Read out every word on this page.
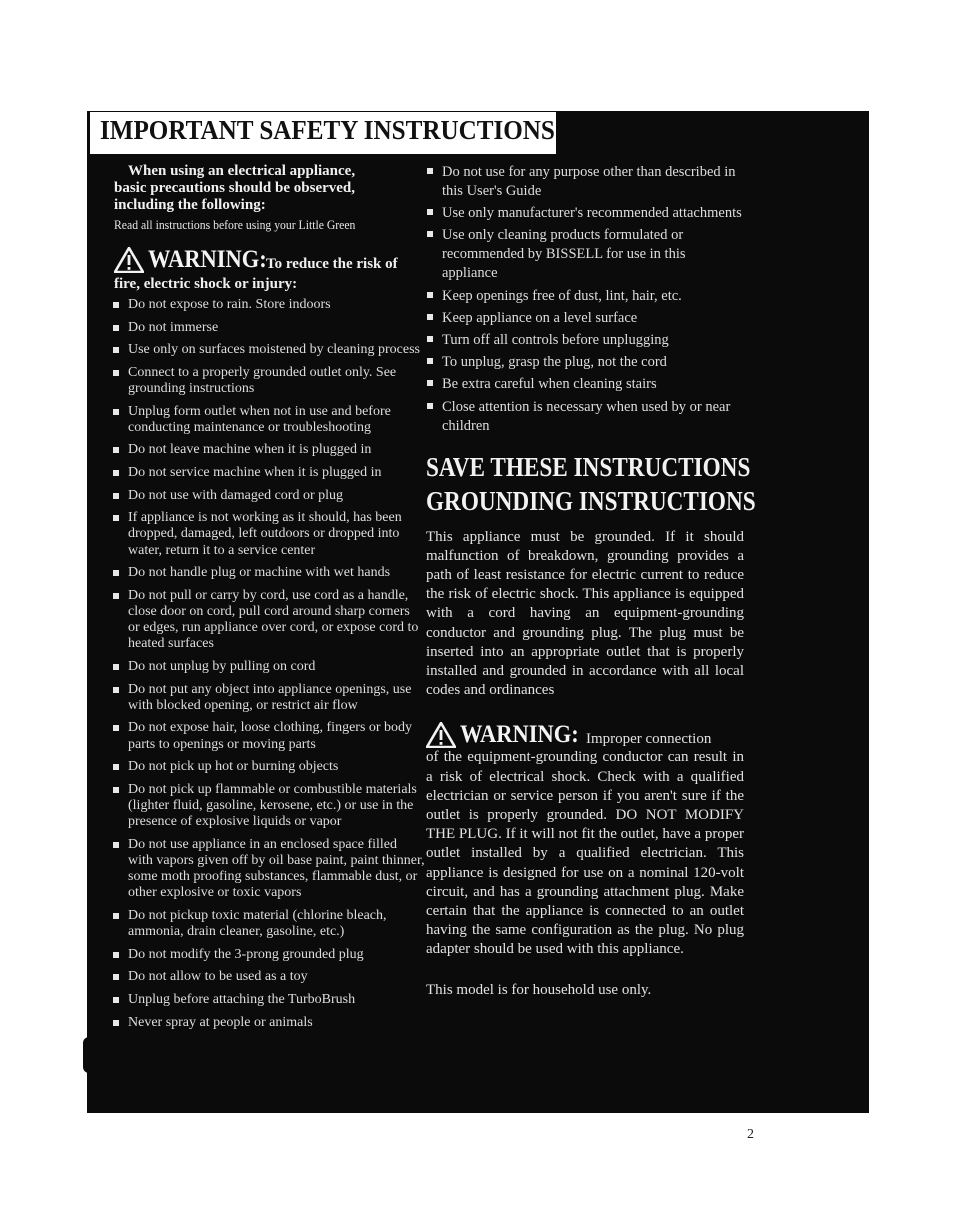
IMPORTANT SAFETY INSTRUCTIONS

When using an electrical appliance,

basic precautions should be observed,

including the following:

Read all instructions before using your Little Green

WARNING: To reduce the risk of

fire, electric shock or injury:

Do not expose to rain. Store indoors
Do not immerse
Use only on surfaces moistened by cleaning process
Connect to a properly grounded outlet only. See grounding instructions
Unplug form outlet when not in use and before conducting maintenance or troubleshooting
Do not leave machine when it is plugged in
Do not service machine when it is plugged in
Do not use with damaged cord or plug
If appliance is not working as it should, has been dropped, damaged, left outdoors or dropped into water, return it to a service center
Do not handle plug or machine with wet hands
Do not pull or carry by cord, use cord as a handle, close door on cord, pull cord around sharp corners or edges, run appliance over cord, or expose cord to heated surfaces
Do not unplug by pulling on cord
Do not put any object into appliance openings, use with blocked opening, or restrict air flow
Do not expose hair, loose clothing, fingers or body parts to openings or moving parts
Do not pick up hot or burning objects
Do not pick up flammable or combustible materials (lighter fluid, gasoline, kerosene, etc.) or use in the presence of explosive liquids or vapor
Do not use appliance in an enclosed space filled with vapors given off by oil base paint, paint thinner, some moth proofing substances, flammable dust, or other explosive or toxic vapors
Do not pickup toxic material (chlorine bleach, ammonia, drain cleaner, gasoline, etc.)
Do not modify the 3-prong grounded plug
Do not allow to be used as a toy
Unplug before attaching the TurboBrush
Never spray at people or animals
Do not use for any purpose other than described in this User's Guide
Use only manufacturer's recommended attachments
Use only cleaning products formulated or recommended by BISSELL for use in this appliance
Keep openings free of dust, lint, hair, etc.
Keep appliance on a level surface
Turn off all controls before unplugging
To unplug, grasp the plug, not the cord
Be extra careful when cleaning stairs
Close attention is necessary when used by or near children
SAVE THESE INSTRUCTIONS
GROUNDING INSTRUCTIONS

This appliance must be grounded. If it should malfunction of breakdown, grounding provides a path of least resistance for electric current to reduce the risk of electric shock. This appliance is equipped with a cord having an equipment-grounding conductor and grounding plug. The plug must be inserted into an appropriate outlet that is properly installed and grounded in accordance with all local codes and ordinances

WARNING: Improper connection

of the equipment-grounding conductor can result in a risk of electrical shock. Check with a qualified electrician or service person if you aren't sure if the outlet is properly grounded. DO NOT MODIFY THE PLUG. If it will not fit the outlet, have a proper outlet installed by a qualified electrician. This appliance is designed for use on a nominal 120-volt circuit, and has a grounding attachment plug. Make certain that the appliance is connected to an outlet having the same configuration as the plug. No plug adapter should be used with this appliance.

This model is for household use only.

2
